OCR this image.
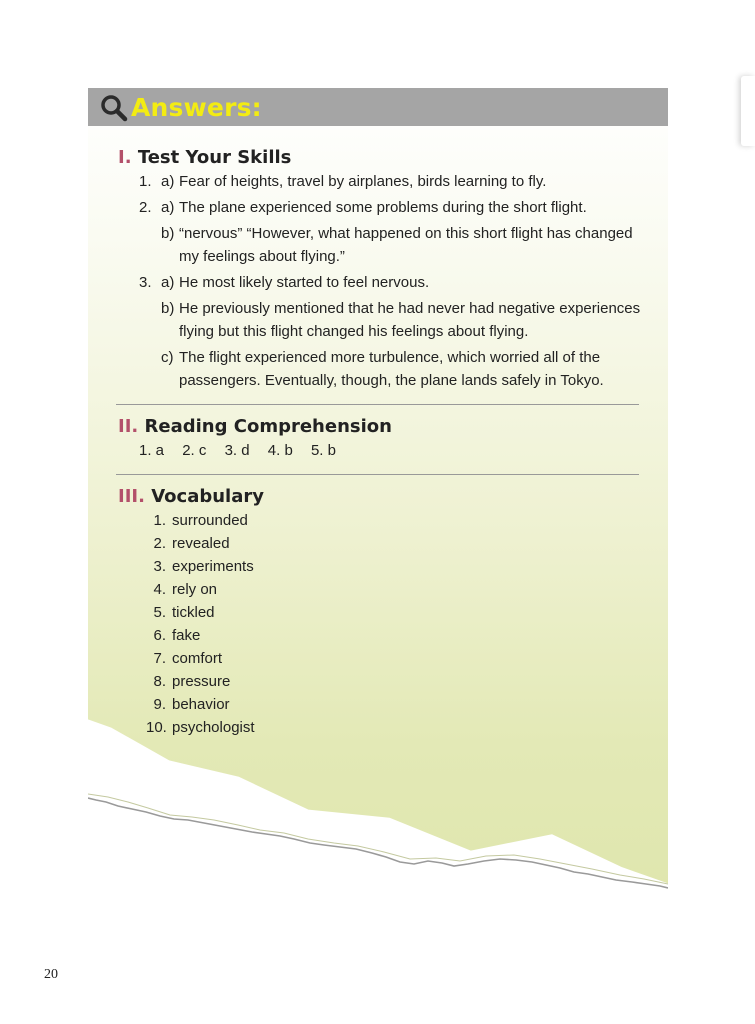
Answers:
I. Test Your Skills
1. a) Fear of heights, travel by airplanes, birds learning to fly.
2. a) The plane experienced some problems during the short flight.
b) “nervous” “However, what happened on this short flight has changed my feelings about flying.”
3. a) He most likely started to feel nervous.
b) He previously mentioned that he had never had negative experiences flying but this flight changed his feelings about flying.
c) The flight experienced more turbulence, which worried all of the passengers. Eventually, though, the plane lands safely in Tokyo.
II. Reading Comprehension
1. a 2. c 3. d 4. b 5. b
III. Vocabulary
1. surrounded
2. revealed
3. experiments
4. rely on
5. tickled
6. fake
7. comfort
8. pressure
9. behavior
10. psychologist
20
